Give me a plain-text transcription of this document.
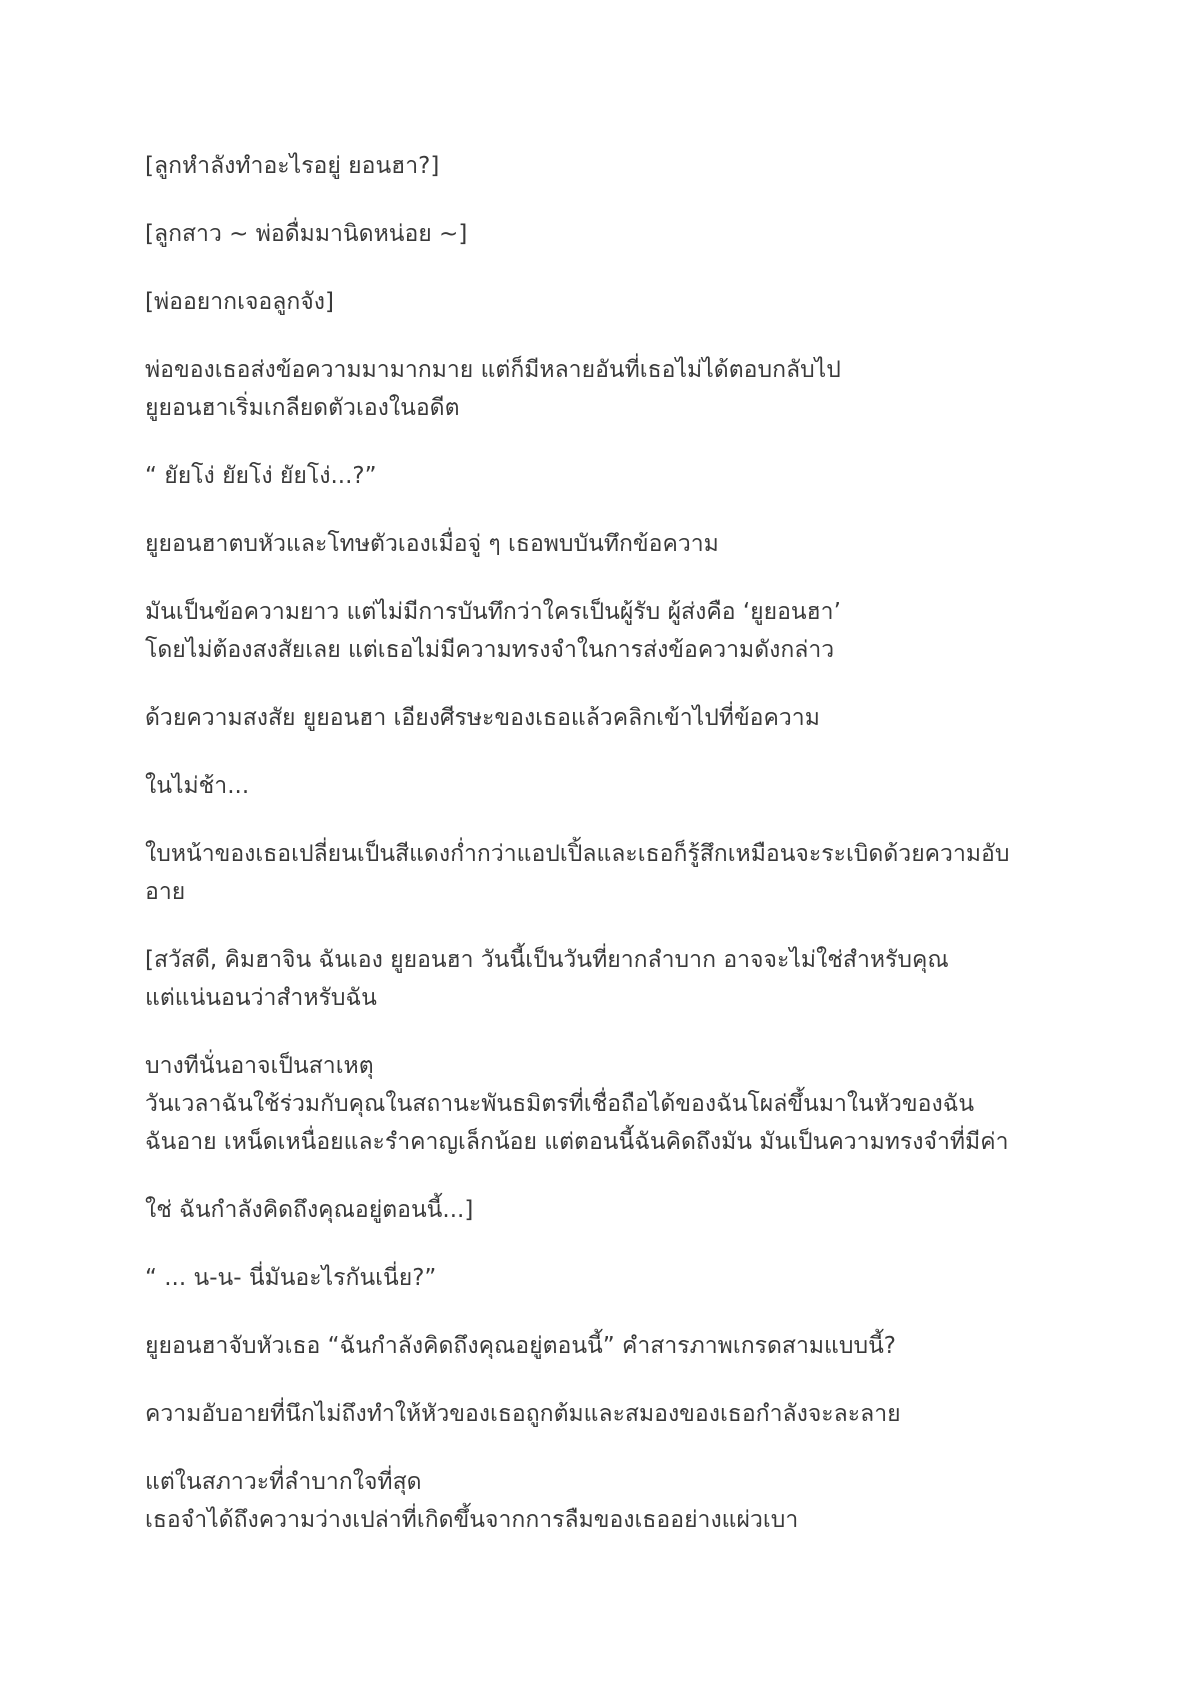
[ลูกหำลังทำอะไรอยู่ ยอนฮา?]

[ลูกสาว ~ พ่อดื่มมานิดหน่อย ~]

[พ่ออยากเจอลูกจัง]

พ่อของเธอส่งข้อความมามากมาย แต่ก็มีหลายอันที่เธอไม่ได้ตอบกลับไป
ยูยอนฮาเริ่มเกลียดตัวเองในอดีต

“ ยัยโง่ ยัยโง่ ยัยโง่...?”

ยูยอนฮาตบหัวและโทษตัวเองเมื่อจู่ ๆ เธอพบบันทึกข้อความ

มันเป็นข้อความยาว แต่ไม่มีการบันทึกว่าใครเป็นผู้รับ ผู้ส่งคือ ‘ยูยอนฮา’
โดยไม่ต้องสงสัยเลย แต่เธอไม่มีความทรงจำในการส่งข้อความดังกล่าว

ด้วยความสงสัย ยูยอนฮา เอียงศีรษะของเธอแล้วคลิกเข้าไปที่ข้อความ

ในไม่ช้า...

ใบหน้าของเธอเปลี่ยนเป็นสีแดงก่ำกว่าแอปเปิ้ลและเธอก็รู้สึกเหมือนจะระเบิดด้วยความอับ
อาย

[สวัสดี, คิมฮาจิน ฉันเอง ยูยอนฮา วันนี้เป็นวันที่ยากลำบาก อาจจะไม่ใช่สำหรับคุณ
แต่แน่นอนว่าสำหรับฉัน

บางทีนั่นอาจเป็นสาเหตุ
วันเวลาฉันใช้ร่วมกับคุณในสถานะพันธมิตรที่เชื่อถือได้ของฉันโผล่ขึ้นมาในหัวของฉัน
ฉันอาย เหน็ดเหนื่อยและรำคาญเล็กน้อย แต่ตอนนี้ฉันคิดถึงมัน มันเป็นความทรงจำที่มีค่า

ใช่ ฉันกำลังคิดถึงคุณอยู่ตอนนี้...]

“ ... น-น- นี่มันอะไรกันเนี่ย?”

ยูยอนฮาจับหัวเธอ “ฉันกำลังคิดถึงคุณอยู่ตอนนี้” คำสารภาพเกรดสามแบบนี้?

ความอับอายที่นึกไม่ถึงทำให้หัวของเธอถูกต้มและสมองของเธอกำลังจะละลาย

แต่ในสภาวะที่ลำบากใจที่สุด
เธอจำได้ถึงความว่างเปล่าที่เกิดขึ้นจากการลืมของเธออย่างแผ่วเบา
